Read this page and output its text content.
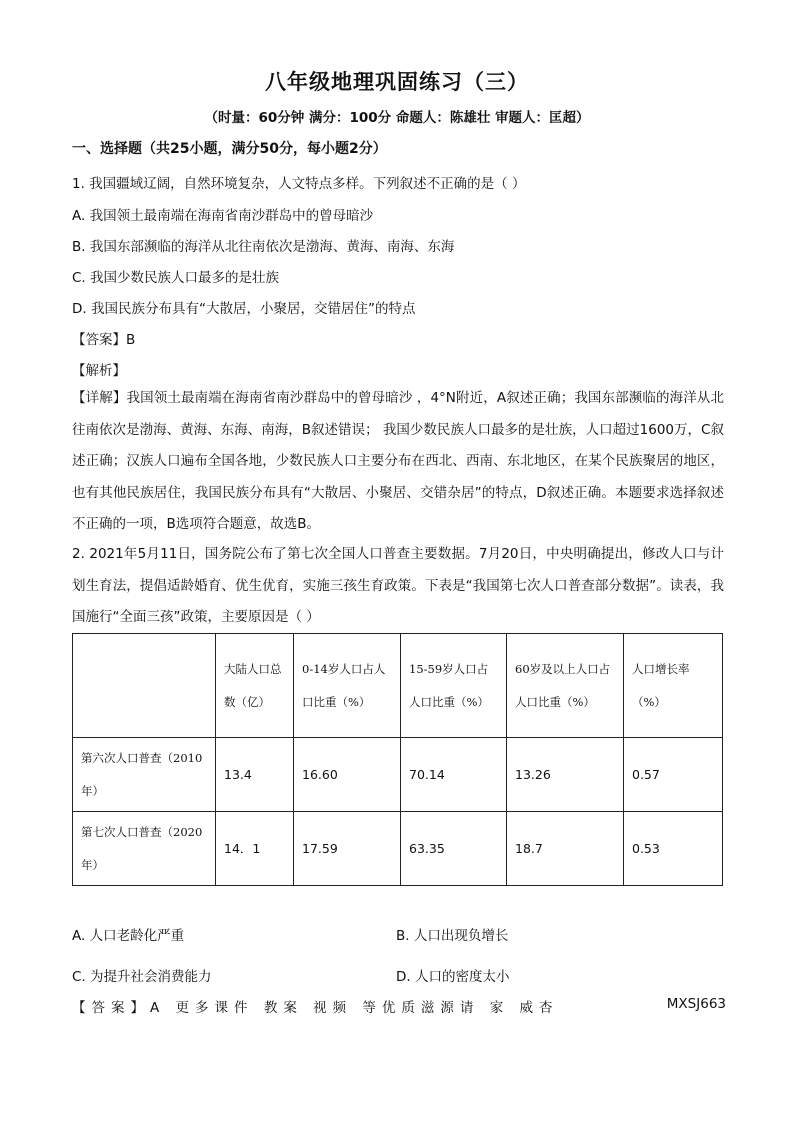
八年级地理巩固练习（三）
（时量：60分钟 满分：100分 命题人：陈雄壮 审题人：匡超）
一、选择题（共25小题，满分50分，每小题2分）
1. 我国疆域辽阔，自然环境复杂，人文特点多样。下列叙述不正确的是（ ）
A. 我国领土最南端在海南省南沙群岛中的曾母暗沙
B. 我国东部濒临的海洋从北往南依次是渤海、黄海、南海、东海
C. 我国少数民族人口最多的是壮族
D. 我国民族分布具有“大散居，小聚居，交错居住”的特点
【答案】B
【解析】
【详解】我国领土最南端在海南省南沙群岛中的曾母暗沙 ，4°N附近，A叙述正确；我国东部濒临的海洋从北往南依次是渤海、黄海、东海、南海，B叙述错误； 我国少数民族人口最多的是壮族，人口超过1600万，C叙述正确；汉族人口遍布全国各地，少数民族人口主要分布在西北、西南、东北地区，在某个民族聚居的地区，也有其他民族居住，我国民族分布具有“大散居、小聚居、交错杂居”的特点，D叙述正确。本题要求选择叙述不正确的一项，B选项符合题意，故选B。
2. 2021年5月11日，国务院公布了第七次全国人口普查主要数据。7月20日，中央明确提出，修改人口与计划生育法，提倡适龄婚育、优生优育，实施三孩生育政策。下表是“我国第七次人口普查部分数据”。读表，我国施行“全面三孩”政策，主要原因是（ ）
	大陆人口总数（亿）	0-14岁人口占人口比重（%）	15-59岁人口占人口比重（%）	60岁及以上人口占人口比重（%）	人口增长率（%）
第六次人口普查（2010年）	13.4	16.60	70.14	13.26	0.57
第七次人口普查（2020年）	14．1	17.59	63.35	18.7	0.53
A. 人口老龄化严重	B. 人口出现负增长
C. 为提升社会消费能力	D. 人口的密度太小
【答案】A 更多课件 教案 视频 等优质滋源请 家 威杏	MXSJ663
